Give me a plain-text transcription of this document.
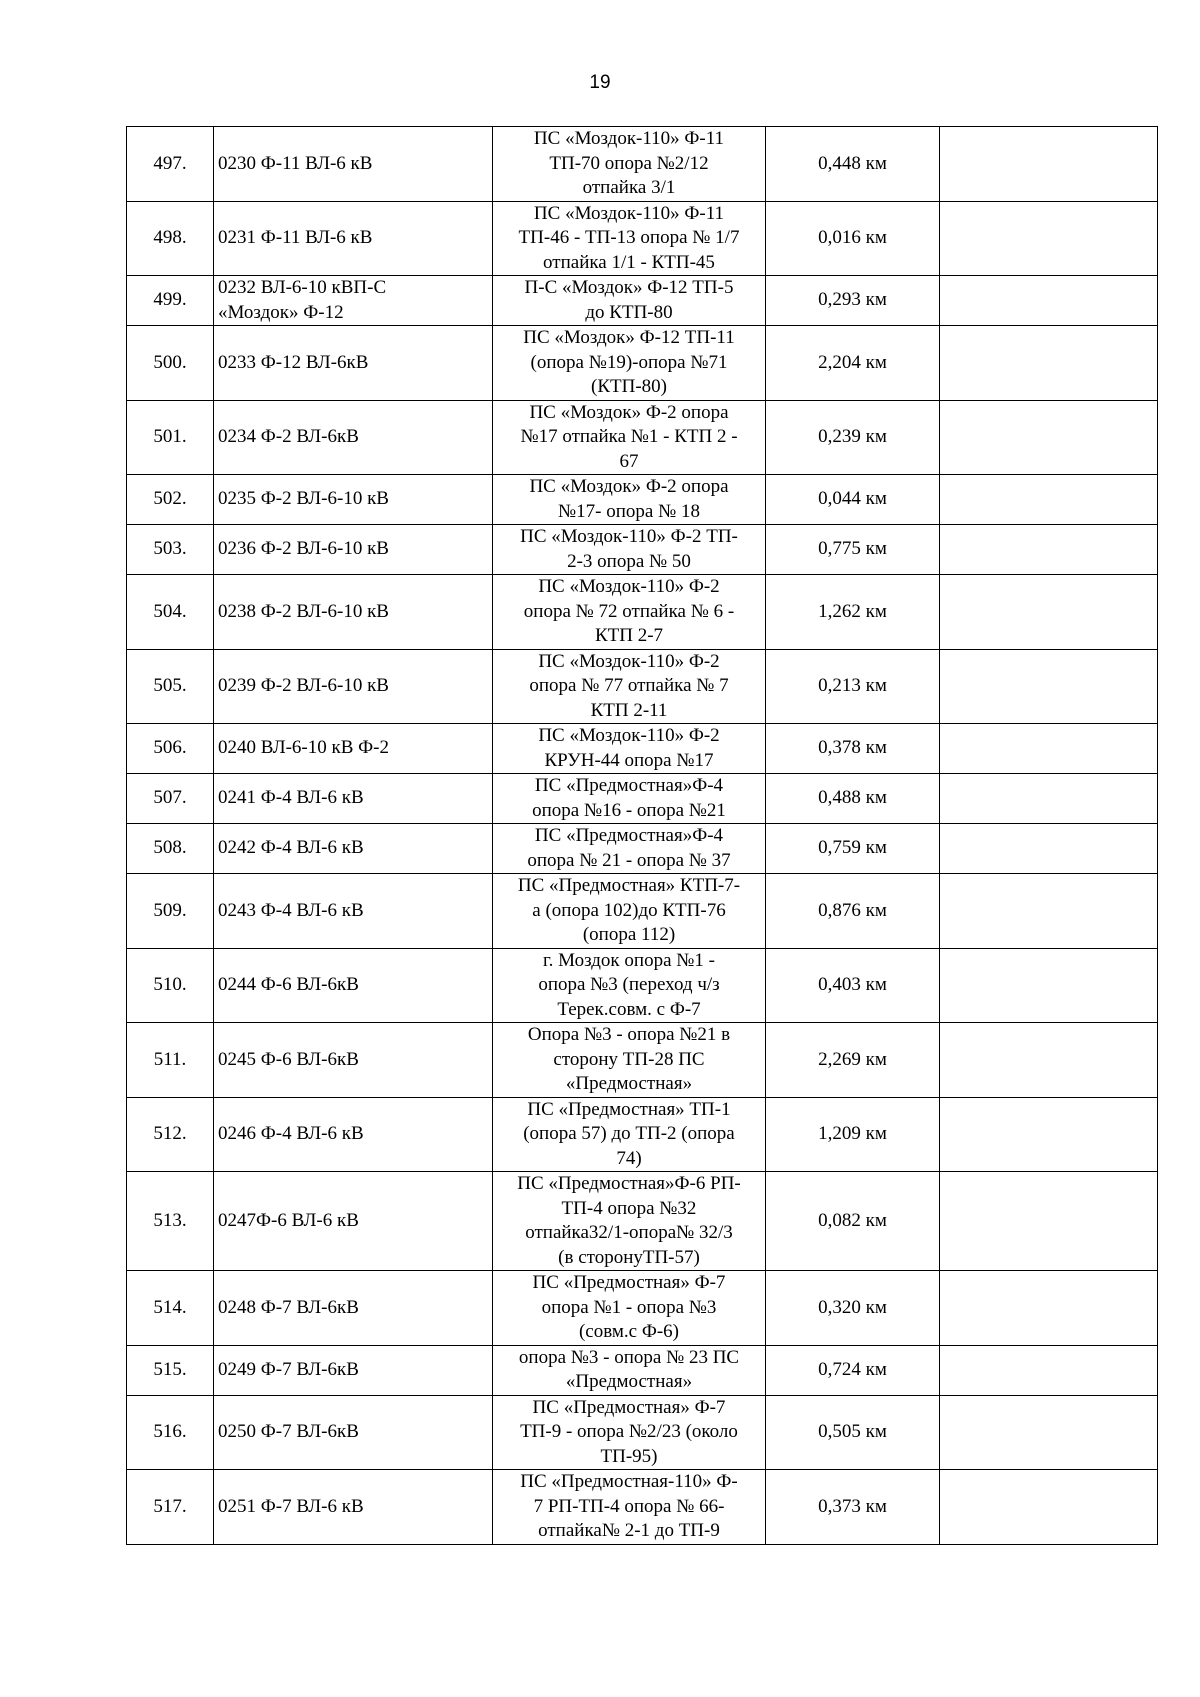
19
497.	0230 Ф-11 ВЛ-6 кВ	ПС «Моздок-110» Ф-11
ТП-70 опора №2/12
отпайка 3/1	0,448 км	
498.	0231 Ф-11 ВЛ-6 кВ	ПС «Моздок-110» Ф-11
ТП-46 - ТП-13 опора № 1/7
отпайка 1/1 - КТП-45	0,016 км	
499.	0232 ВЛ-6-10 кВП-С
«Моздок» Ф-12	П-С «Моздок» Ф-12 ТП-5
до КТП-80	0,293 км	
500.	0233 Ф-12 ВЛ-6кВ	ПС «Моздок» Ф-12 ТП-11
(опора №19)-опора №71
(КТП-80)	2,204 км	
501.	0234 Ф-2 ВЛ-6кВ	ПС «Моздок» Ф-2 опора
№17 отпайка №1 - КТП 2 -
67	0,239 км	
502.	0235 Ф-2 ВЛ-6-10 кВ	ПС «Моздок» Ф-2 опора
№17- опора № 18	0,044 км	
503.	0236 Ф-2 ВЛ-6-10 кВ	ПС «Моздок-110» Ф-2 ТП-
2-3 опора № 50	0,775 км	
504.	0238 Ф-2 ВЛ-6-10 кВ	ПС «Моздок-110» Ф-2
опора № 72 отпайка № 6 -
КТП 2-7	1,262 км	
505.	0239 Ф-2 ВЛ-6-10 кВ	ПС «Моздок-110» Ф-2
опора № 77 отпайка № 7
КТП 2-11	0,213 км	
506.	0240 ВЛ-6-10 кВ Ф-2	ПС «Моздок-110» Ф-2
КРУН-44 опора №17	0,378 км	
507.	0241 Ф-4 ВЛ-6 кВ	ПС «Предмостная»Ф-4
опора №16 - опора №21	0,488 км	
508.	0242 Ф-4 ВЛ-6 кВ	ПС «Предмостная»Ф-4
опора № 21 - опора № 37	0,759 км	
509.	0243 Ф-4 ВЛ-6 кВ	ПС «Предмостная» КТП-7-
а (опора 102)до КТП-76
(опора 112)	0,876 км	
510.	0244 Ф-6 ВЛ-6кВ	г. Моздок опора №1 -
опора №3 (переход ч/з
Терек.совм. с Ф-7	0,403 км	
511.	0245 Ф-6 ВЛ-6кВ	Опора №3 - опора №21 в
сторону ТП-28 ПС
«Предмостная»	2,269 км	
512.	0246 Ф-4 ВЛ-6 кВ	ПС «Предмостная» ТП-1
(опора 57) до ТП-2 (опора
74)	1,209 км	
513.	0247Ф-6 ВЛ-6 кВ	ПС «Предмостная»Ф-6 РП-
ТП-4 опора №32
отпайка32/1-опора№ 32/3
(в сторонуТП-57)	0,082 км	
514.	0248 Ф-7 ВЛ-6кВ	ПС «Предмостная» Ф-7
опора №1 - опора №3
(совм.с Ф-6)	0,320 км	
515.	0249 Ф-7 ВЛ-6кВ	опора №3 - опора № 23 ПС
«Предмостная»	0,724 км	
516.	0250 Ф-7 ВЛ-6кВ	ПС «Предмостная» Ф-7
ТП-9 - опора №2/23 (около
ТП-95)	0,505 км	
517.	0251 Ф-7 ВЛ-6 кВ	ПС «Предмостная-110» Ф-
7 РП-ТП-4 опора № 66-
отпайка№ 2-1 до ТП-9	0,373 км	
